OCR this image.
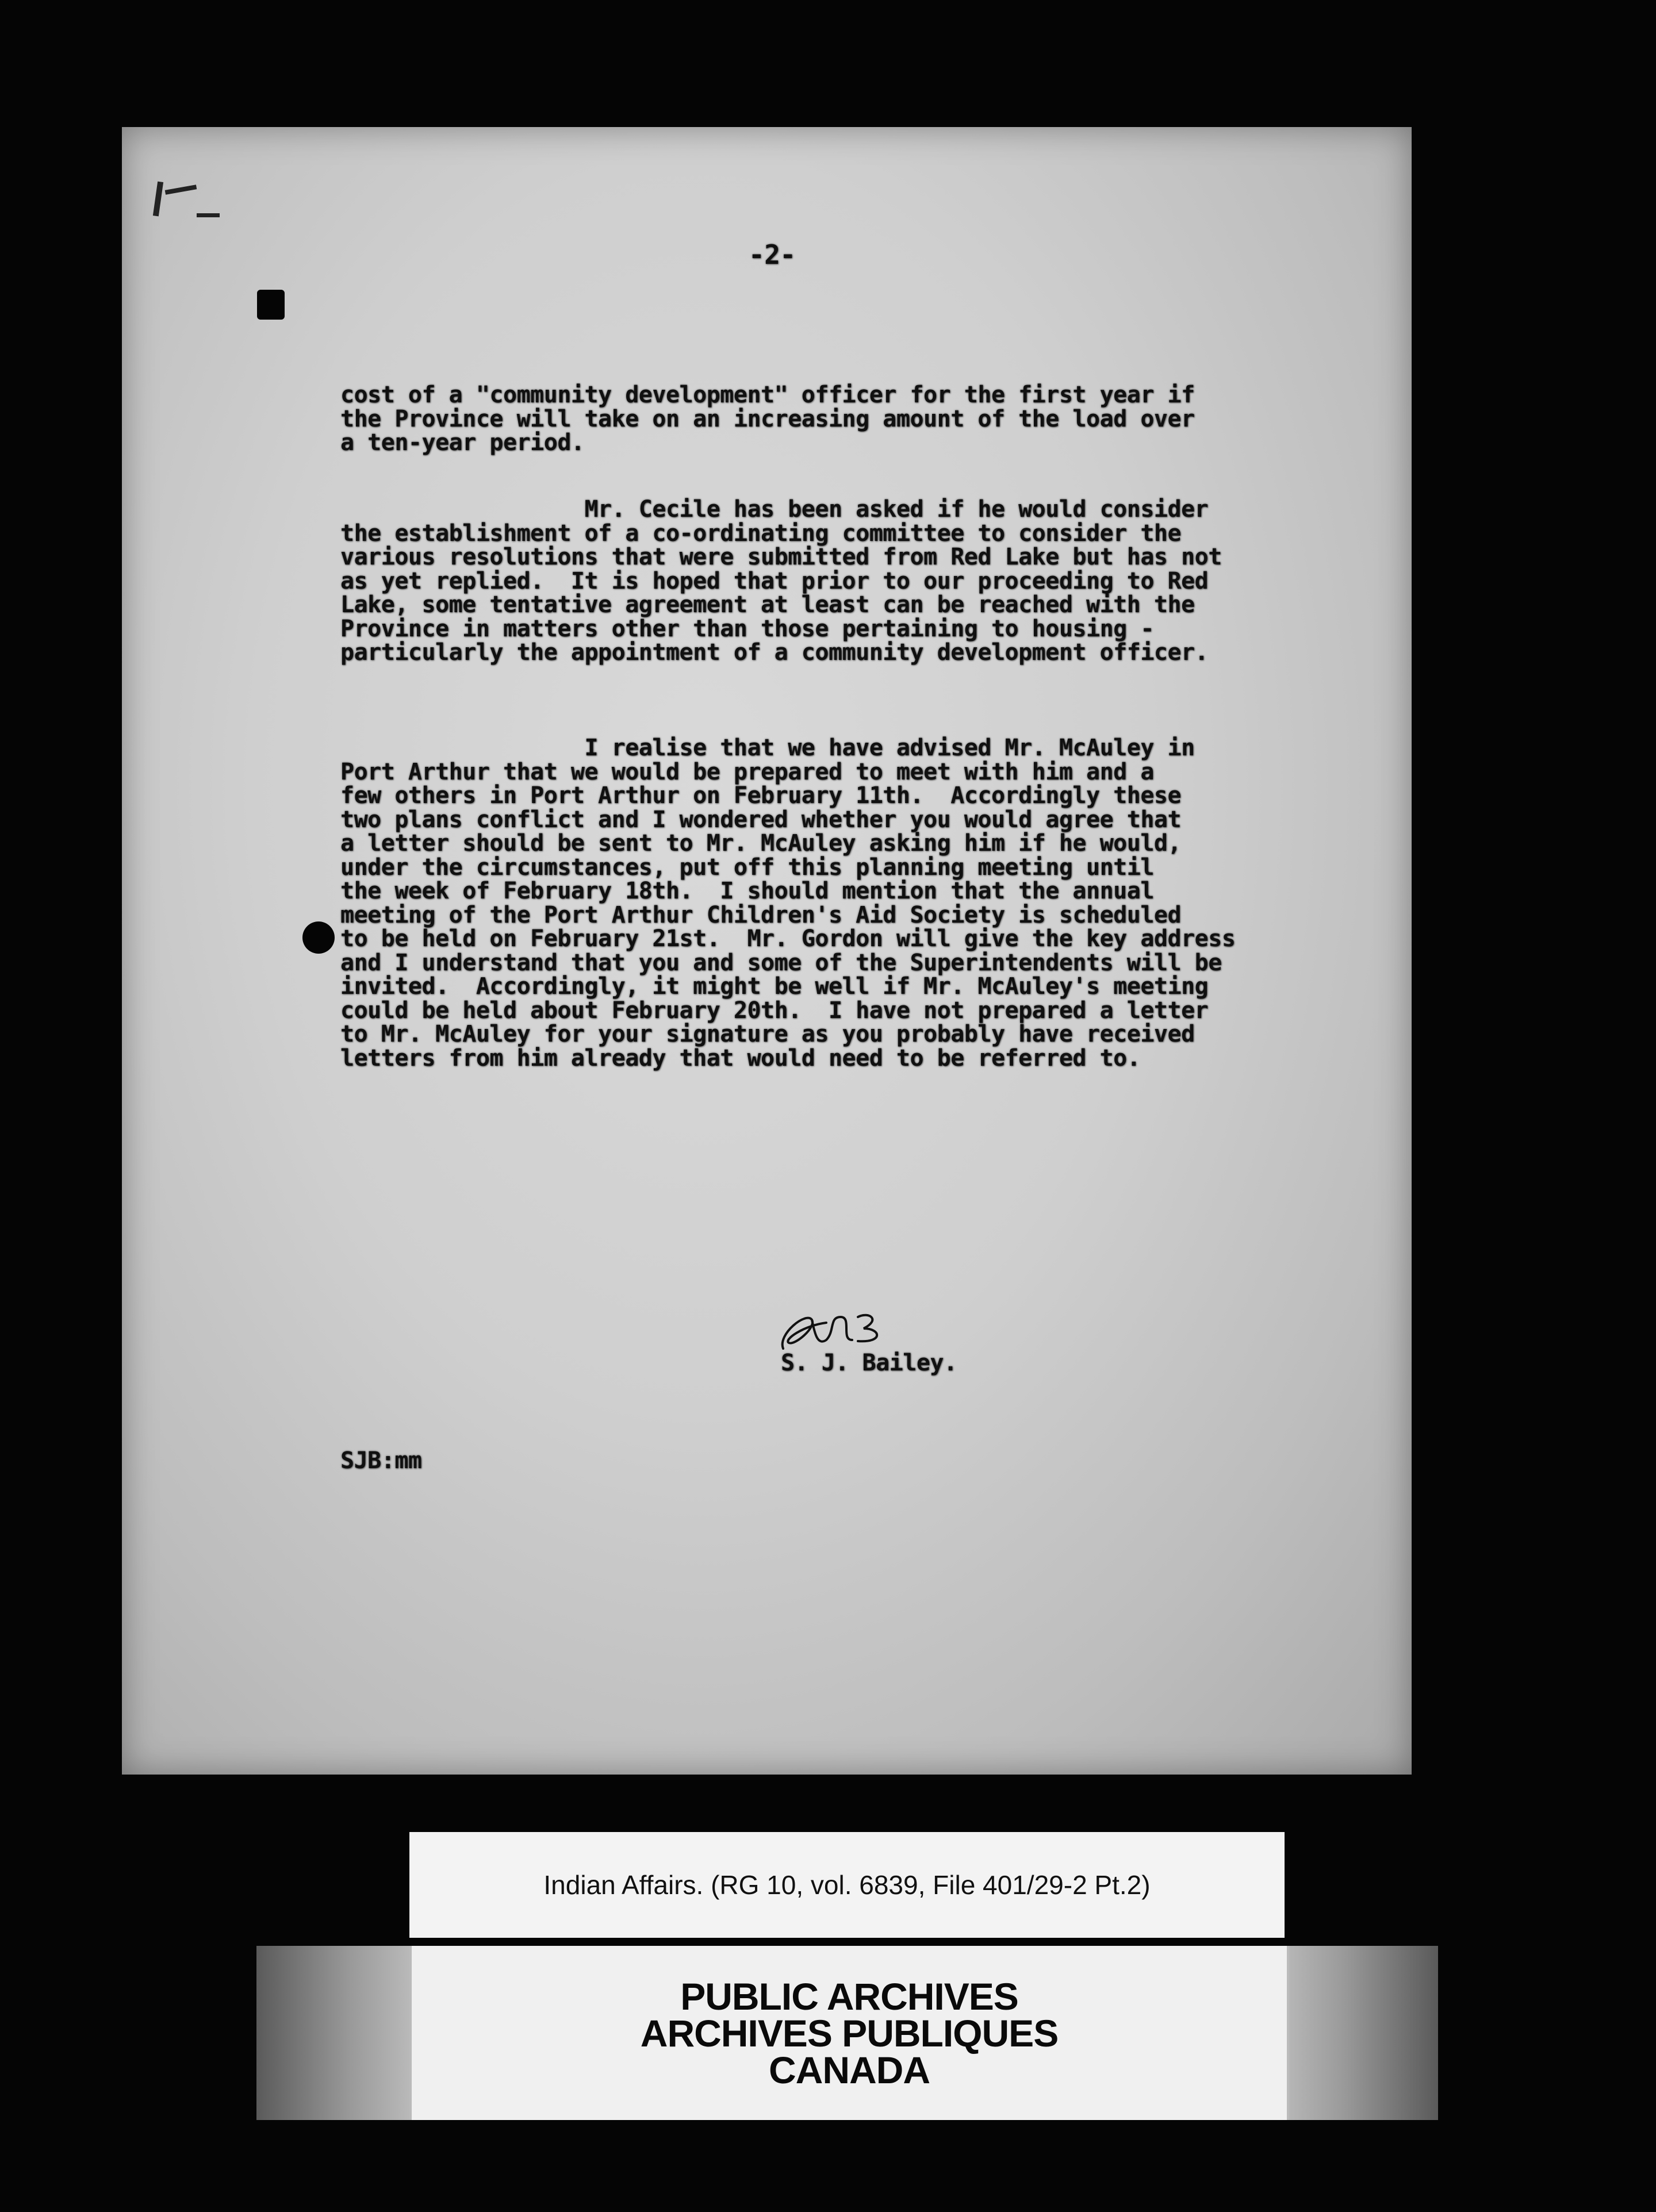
-2-
cost of a "community development" officer for the first year if
the Province will take on an increasing amount of the load over
a ten-year period.
Mr. Cecile has been asked if he would consider
the establishment of a co-ordinating committee to consider the
various resolutions that were submitted from Red Lake but has not
as yet replied.  It is hoped that prior to our proceeding to Red
Lake, some tentative agreement at least can be reached with the
Province in matters other than those pertaining to housing -
particularly the appointment of a community development officer.
I realise that we have advised Mr. McAuley in
Port Arthur that we would be prepared to meet with him and a
few others in Port Arthur on February 11th.  Accordingly these
two plans conflict and I wondered whether you would agree that
a letter should be sent to Mr. McAuley asking him if he would,
under the circumstances, put off this planning meeting until
the week of February 18th.  I should mention that the annual
meeting of the Port Arthur Children's Aid Society is scheduled
to be held on February 21st.  Mr. Gordon will give the key address
and I understand that you and some of the Superintendents will be
invited.  Accordingly, it might be well if Mr. McAuley's meeting
could be held about February 20th.  I have not prepared a letter
to Mr. McAuley for your signature as you probably have received
letters from him already that would need to be referred to.
S. J. Bailey.
SJB:mm
Indian Affairs. (RG 10, vol. 6839, File 401/29-2 Pt.2)
PUBLIC ARCHIVES
ARCHIVES PUBLIQUES
CANADA
